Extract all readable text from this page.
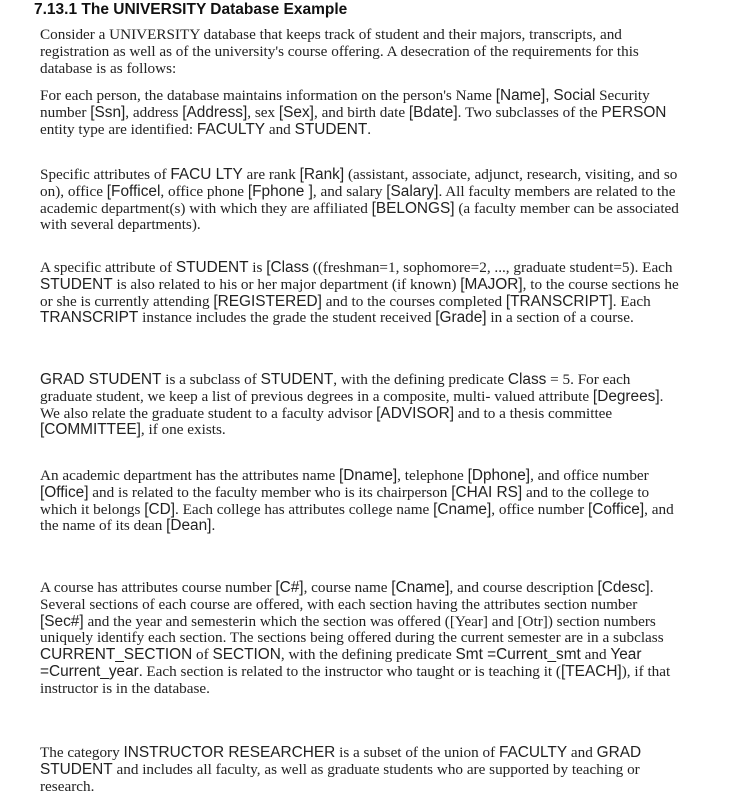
7.13.1 The UNIVERSITY Database Example

Consider a UNIVERSITY database that keeps track of student and their majors, transcripts, and registration as well as of the university's course offering. A desecration of the requirements for this database is as follows:

For each person, the database maintains information on the person's Name [Name], Social Security number [Ssn], address [Address], sex [Sex], and birth date [Bdate]. Two subclasses of the PERSON entity type are identified: FACULTY and STUDENT.

Specific attributes of FACU LTY are rank [Rank] (assistant, associate, adjunct, research, visiting, and so on), office [Fofficel, office phone [Fphone ], and salary [Salary]. All faculty members are related to the academic department(s) with which they are affiliated [BELONGS] (a faculty member can be associated with several departments).

A specific attribute of STUDENT is [Class ((freshman=1, sophomore=2, ..., graduate student=5). Each STUDENT is also related to his or her major department (if known) [MAJOR], to the course sections he or she is currently attending [REGISTERED] and to the courses completed [TRANSCRIPT]. Each TRANSCRIPT instance includes the grade the student received [Grade] in a section of a course.

GRAD STUDENT is a subclass of STUDENT, with the defining predicate Class = 5. For each graduate student, we keep a list of previous degrees in a composite, multi- valued attribute [Degrees]. We also relate the graduate student to a faculty advisor [ADVISOR] and to a thesis committee [COMMITTEE], if one exists.

An academic department has the attributes name [Dname], telephone [Dphone], and office number [Office] and is related to the faculty member who is its chairperson [CHAI RS] and to the college to which it belongs [CD]. Each college has attributes college name [Cname], office number [Coffice], and the name of its dean [Dean].

A course has attributes course number [C#], course name [Cname], and course description [Cdesc]. Several sections of each course are offered, with each section having the attributes section number [Sec#] and the year and semesterin which the section was offered ([Year] and [Otr]) section numbers uniquely identify each section. The sections being offered during the current semester are in a subclass CURRENT_SECTION of SECTION, with the defining predicate Smt =Current_smt and Year =Current_year. Each section is related to the instructor who taught or is teaching it ([TEACH]), if that instructor is in the database.

The category INSTRUCTOR RESEARCHER is a subset of the union of FACULTY and GRAD STUDENT and includes all faculty, as well as graduate students who are supported by teaching or research.
